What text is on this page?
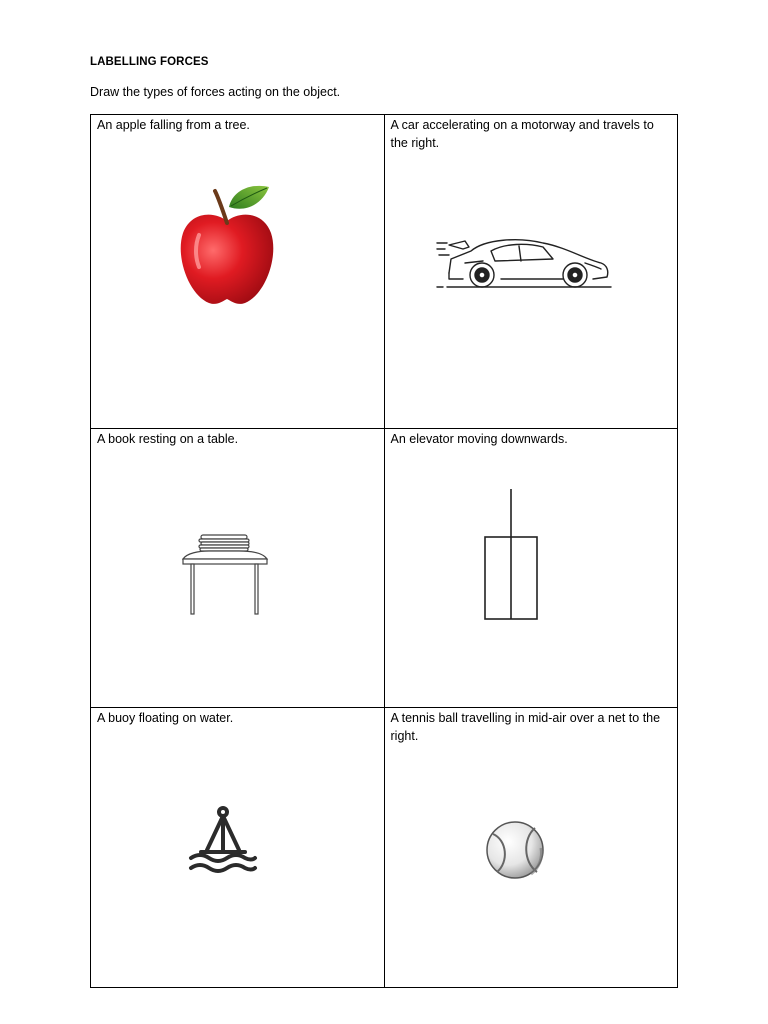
LABELLING FORCES
Draw the types of forces acting on the object.
An apple falling from a tree.	A car accelerating on a motorway and travels to the right.

A book resting on a table.	An elevator moving downwards.

A buoy floating on water.	A tennis ball travelling in mid-air over a net to the right.
